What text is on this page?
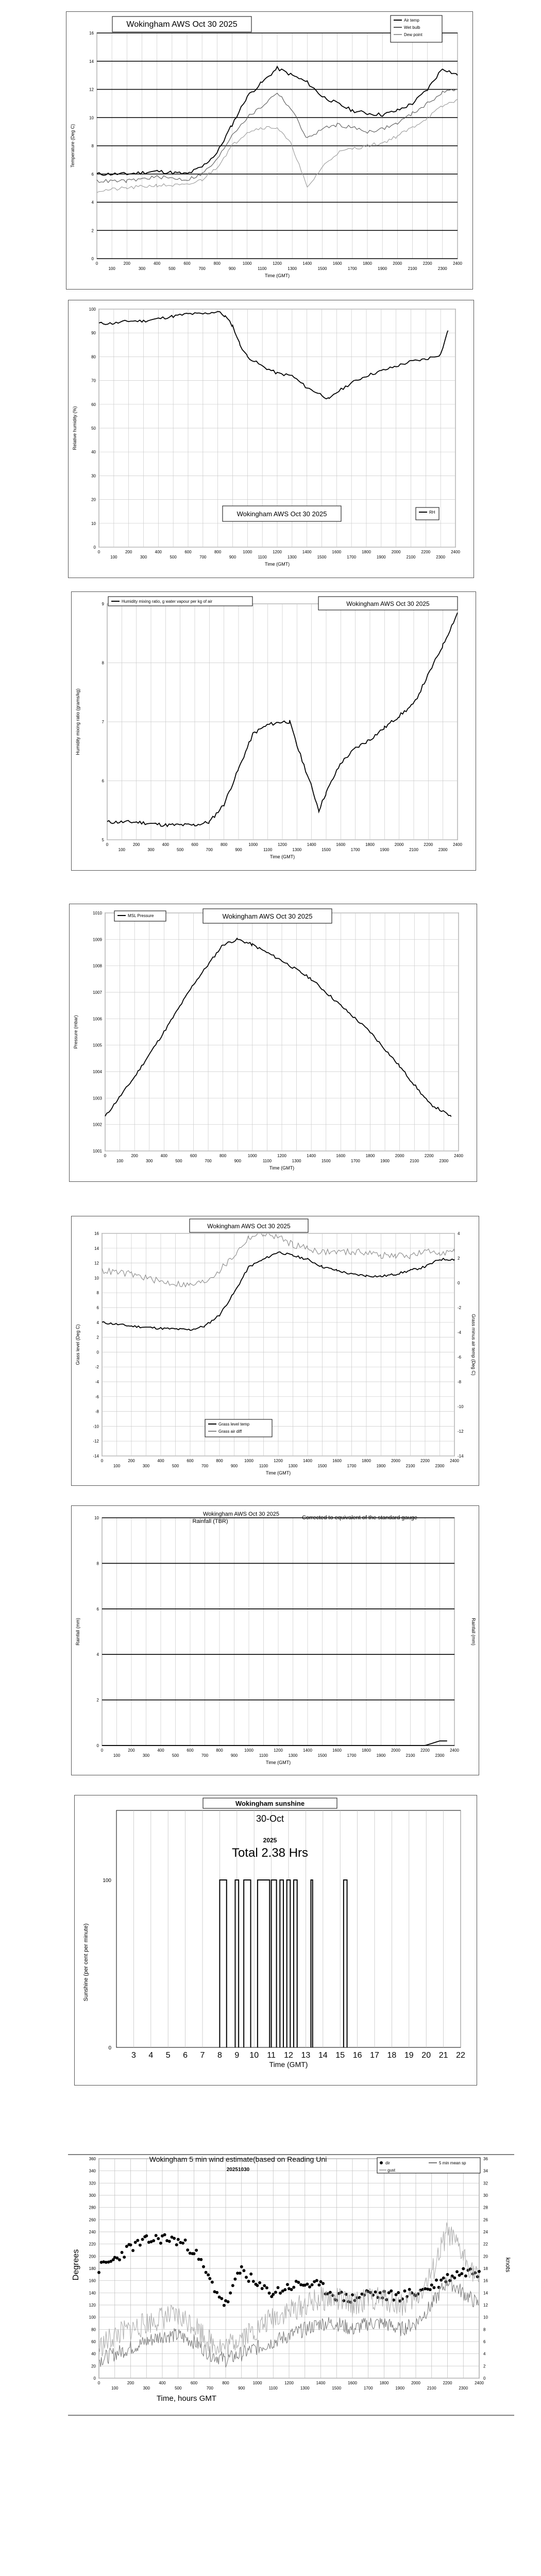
0
100
200
300
400
500
600
700
800
900
1000
1100
1200
1300
1400
1500
1600
1700
1800
1900
2000
2100
2200
2300
2400
0
2
4
6
8
10
12
14
16
Time (GMT)
Temperature (Deg C)
Wokingham AWS Oct 30 2025	Air temp
Wet bulb
Dew point
0
100
200
300
400
500
600
700
800
900
1000
1100
1200
1300
1400
1500
1600
1700
1800
1900
2000
2100
2200
2300
2400
0
10
20
30
40
50
60
70
80
90
100
Time (GMT)
Relative humidity (%)
Wokingham AWS Oct 30 2025	RH
0
100
200
300
400
500
600
700
800
900
1000
1100
1200
1300
1400
1500
1600
1700
1800
1900
2000
2100
2200
2300
2400
5
6
7
8
9
Time (GMT)
Humidity mixing ratio (grams/kg)
Wokingham AWS Oct 30 2025
Humidity mixing ratio, g water vapour per kg of air
0
100
200
300
400
500
600
700
800
900
1000
1100
1200
1300
1400
1500
1600
1700
1800
1900
2000
2100
2200
2300
2400
1001
1002
1003
1004
1005
1006
1007
1008
1009
1010
Time (GMT)
Pressure (mbar)
Wokingham AWS Oct 30 2025
MSL Pressure
0
100
200
300
400
500
600
700
800
900
1000
1100
1200
1300
1400
1500
1600
1700
1800
1900
2000
2100
2200
2300
2400
-14
-12
-10
-8
-6
-4
-2
0
2
4
6
8
10
12
14
16
-14
-12
-10
-8
-6
-4
-2
0
2
4
Time (GMT)
Grass level (Deg C)	Grass minus air temp (Deg C)
Wokingham AWS Oct 30 2025
Grass level temp
Grass air diff
0
100
200
300
400
500
600
700
800
900
1000
1100
1200
1300
1400
1500
1600
1700
1800
1900
2000
2100
2200
2300
2400
0
2
4
6
8
10
Time (GMT)
Rainfall (mm)	Rainfall (mm)
Wokingham AWS Oct 30 2025
Rainfall (TBR)
Corrected to equivalent of the standard gauge
3 4 5 6 7 8 9 10 11 12 13 14 15 16 17 18 19 20 21 22
0
100
Time (GMT)
Sunshine (per cent per minute)
Wokingham sunshine
30-Oct
2025
Total 2.38 Hrs
0
100
200
300
400
500
600
700
800
900
1000
1100
1200
1300
1400
1500
1600
1700
1800
1900
2000
2100
2200
2300
2400
0
20
40
60
80
100
120
140
160
180
200
220
240
260
280
300
320
340
360
0
2
4
6
8
10
12
14
16
18
20
22
24
26
28
30
32
34
36
Degrees	knots
Time, hours GMT
Wokingham 5 min wind estimate(based on Reading Uni
20251030
dir	5 min mean sp
gust
